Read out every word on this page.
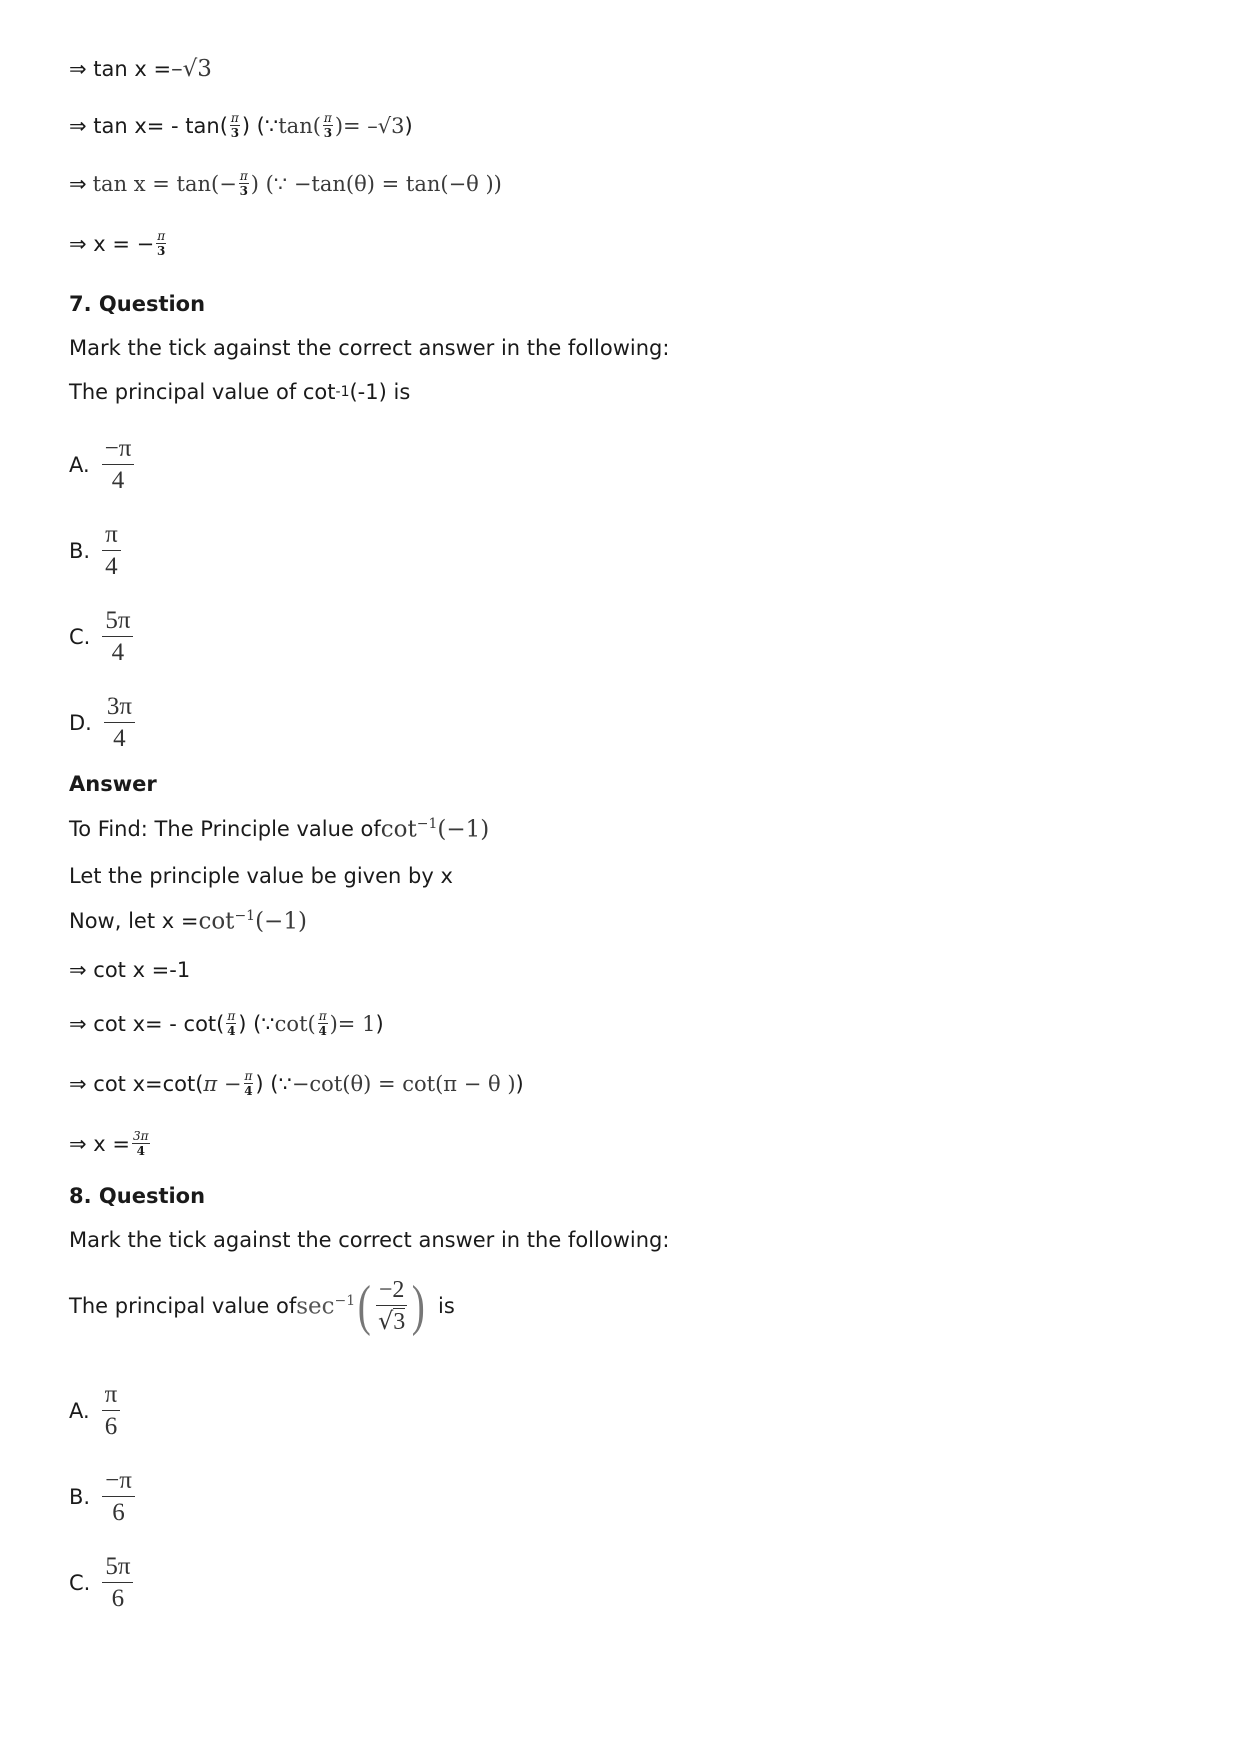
⇒ tan x = –√3
⇒ $\tan x= - \tan( \frac{\pi}{3}$ ) (∵ $\tan( \frac{\pi}{3}$ )= –√3 )
⇒ $\tan x = \tan(- \frac{\pi}{3}$ ) (∵ −tan(θ) = tan(−θ ))
⇒ x = − $\frac{\pi}{3}$
7. Question
Mark the tick against the correct answer in the following:
The principal value of cot -1 (-1) is
A. $\frac{-\pi}{4}$
B. $\frac{\pi}{4}$
C. $\frac{5\pi}{4}$
D. $\frac{3\pi}{4}$
Answer
To Find: The Principle value of $\cot^{-1}(-1)$
Let the principle value be given by x
Now, let $x = \cot^{-1}(-1)$
⇒ cot x =-1
⇒ $\cot x= - \cot( \frac{\pi}{4}$ ) (∵ $\cot( \frac{\pi}{4}$ )= 1 )
⇒ cot x=cot( $\pi - \frac{\pi}{4}$ ) (∵ −cot(θ) = cot(π − θ ) )
⇒ $x = \frac{3\pi}{4}$
8. Question
Mark the tick against the correct answer in the following:
The principal value of $\sec^{-1}$ ( $\frac{-2}{√3}$ ) is
A. $\frac{\pi}{6}$
B. $\frac{-\pi}{6}$
C. $\frac{5\pi}{6}$
